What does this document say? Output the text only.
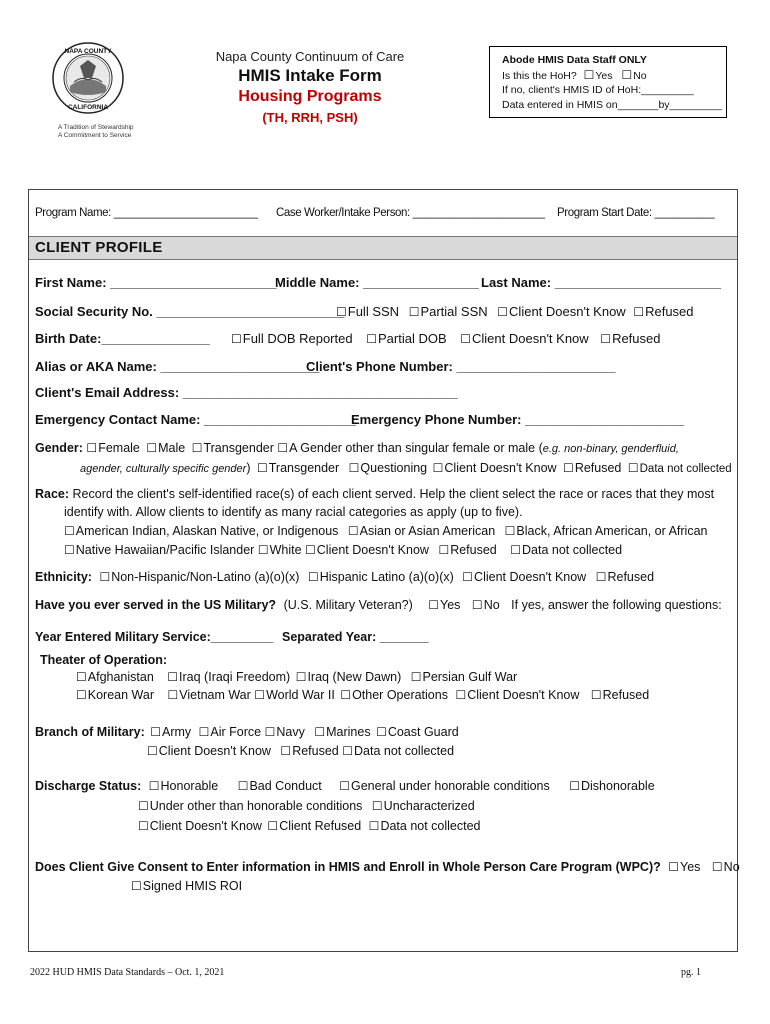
NAPA COUNTY
CALIFORNIA
A Tradition of Stewardship
A Commitment to Service
Napa County Continuum of Care
HMIS Intake Form
Housing Programs
(TH, RRH, PSH)
Abode HMIS Data Staff ONLY
Is this the HoH? ☐ Yes ☐ No
If no, client's HMIS ID of HoH:_________
Data entered in HMIS on_______by_________
Program Name: ________________________ Case Worker/Intake Person: ______________________ Program Start Date: __________
CLIENT PROFILE
First Name: _______________________
Middle Name: ________________ Last Name: _______________________
Social Security No. __________________________ ☐ Full SSN ☐ Partial SSN ☐ Client Doesn't Know ☐ Refused
Birth Date:_______________	☐ Full DOB Reported ☐ Partial DOB ☐ Client Doesn't Know ☐ Refused
Alias or AKA Name: ______________________
Client's Phone Number: ______________________
Client's Email Address: ______________________________________
Emergency Contact Name: _____________________
Emergency Phone Number: ______________________
Gender: ☐ Female ☐ Male ☐ Transgender ☐ A Gender other than singular female or male (e.g. non-binary, genderfluid,
agender, culturally specific gender) ☐ Transgender ☐ Questioning ☐ Client Doesn't Know ☐ Refused ☐ Data not collected
Race: Record the client's self-identified race(s) of each client served. Help the client select the race or races that they most
identify with. Allow clients to identify as many racial categories as apply (up to five).
☐ American Indian, Alaskan Native, or Indigenous ☐ Asian or Asian American ☐ Black, African American, or African
☐ Native Hawaiian/Pacific Islander ☐ White ☐ Client Doesn't Know ☐ Refused ☐ Data not collected
Ethnicity: ☐ Non-Hispanic/Non-Latino (a)(o)(x) ☐ Hispanic Latino (a)(o)(x) ☐ Client Doesn't Know ☐ Refused
Have you ever served in the US Military? (U.S. Military Veteran?) ☐ Yes ☐ No If yes, answer the following questions:
Year Entered Military Service:_________ Separated Year: _______
Theater of Operation:
☐ Afghanistan ☐ Iraq (Iraqi Freedom) ☐ Iraq (New Dawn) ☐ Persian Gulf War
☐ Korean War ☐ Vietnam War ☐ World War II ☐ Other Operations ☐ Client Doesn't Know ☐ Refused
Branch of Military: ☐ Army ☐ Air Force ☐ Navy ☐ Marines ☐ Coast Guard
☐ Client Doesn't Know ☐ Refused ☐ Data not collected
Discharge Status: ☐ Honorable	☐ Bad Conduct ☐ General under honorable conditions	☐ Dishonorable
☐ Under other than honorable conditions ☐ Uncharacterized
☐ Client Doesn't Know ☐ Client Refused ☐ Data not collected
Does Client Give Consent to Enter information in HMIS and Enroll in Whole Person Care Program (WPC)? ☐ Yes ☐ No
☐ Signed HMIS ROI
2022 HUD HMIS Data Standards – Oct. 1, 2021	pg. 1
